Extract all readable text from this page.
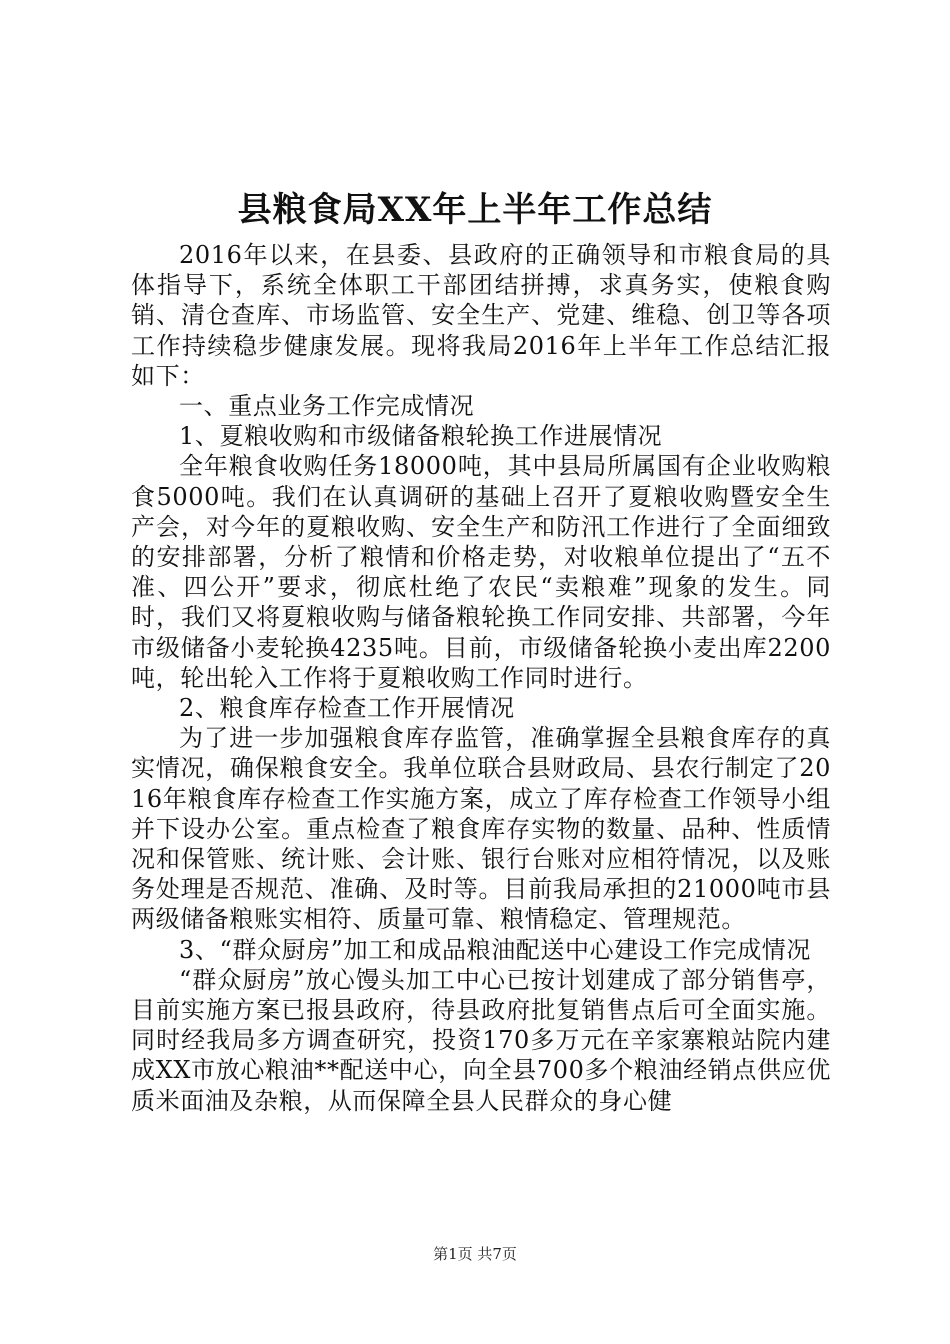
县粮食局XX年上半年工作总结

2016年以来，在县委、县政府的正确领导和市粮食局的具体指导下，系统全体职工干部团结拼搏，求真务实，使粮食购销、清仓查库、市场监管、安全生产、党建、维稳、创卫等各项工作持续稳步健康发展。现将我局2016年上半年工作总结汇报如下：

一、重点业务工作完成情况

1、夏粮收购和市级储备粮轮换工作进展情况

全年粮食收购任务18000吨，其中县局所属国有企业收购粮食5000吨。我们在认真调研的基础上召开了夏粮收购暨安全生产会，对今年的夏粮收购、安全生产和防汛工作进行了全面细致的安排部署，分析了粮情和价格走势，对收粮单位提出了“五不准、四公开”要求，彻底杜绝了农民“卖粮难”现象的发生。同时，我们又将夏粮收购与储备粮轮换工作同安排、共部署，今年市级储备小麦轮换4235吨。目前，市级储备轮换小麦出库2200吨，轮出轮入工作将于夏粮收购工作同时进行。

2、粮食库存检查工作开展情况

为了进一步加强粮食库存监管，准确掌握全县粮食库存的真实情况，确保粮食安全。我单位联合县财政局、县农行制定了2016年粮食库存检查工作实施方案，成立了库存检查工作领导小组并下设办公室。重点检查了粮食库存实物的数量、品种、性质情况和保管账、统计账、会计账、银行台账对应相符情况，以及账务处理是否规范、准确、及时等。目前我局承担的21000吨市县两级储备粮账实相符、质量可靠、粮情稳定、管理规范。

3、“群众厨房”加工和成品粮油配送中心建设工作完成情况

“群众厨房”放心馒头加工中心已按计划建成了部分销售亭，目前实施方案已报县政府，待县政府批复销售点后可全面实施。同时经我局多方调查研究，投资170多万元在辛家寨粮站院内建成XX市放心粮油**配送中心，向全县700多个粮油经销点供应优质米面油及杂粮，从而保障全县人民群众的身心健

第1页 共7页
